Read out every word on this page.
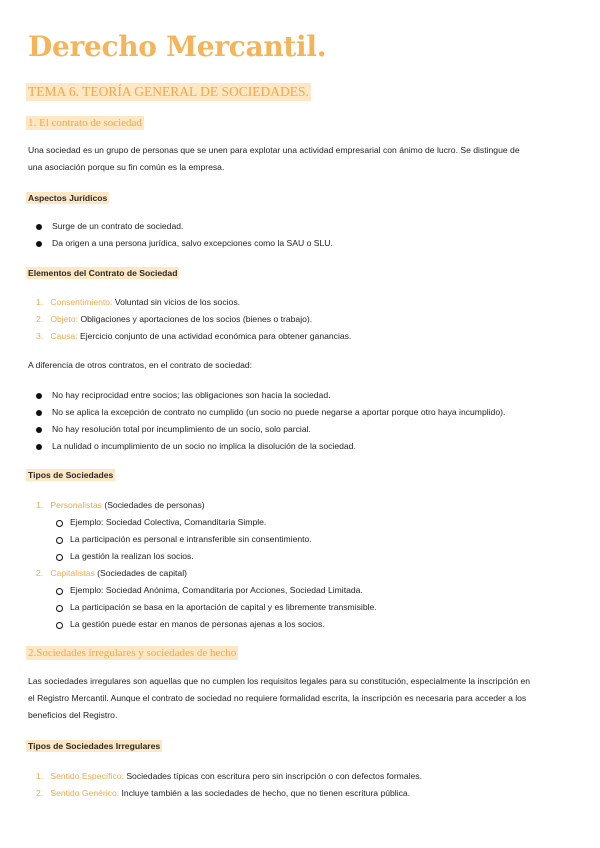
Derecho Mercantil.
TEMA 6. TEORÍA GENERAL DE SOCIEDADES.
1. El contrato de sociedad
Una sociedad es un grupo de personas que se unen para explotar una actividad empresarial con ánimo de lucro. Se distingue de
una asociación porque su fin común es la empresa.
Aspectos Jurídicos
Surge de un contrato de sociedad.
Da origen a una persona jurídica, salvo excepciones como la SAU o SLU.
Elementos del Contrato de Sociedad
1. Consentimiento: Voluntad sin vicios de los socios.
2. Objeto: Obligaciones y aportaciones de los socios (bienes o trabajo).
3. Causa: Ejercicio conjunto de una actividad económica para obtener ganancias.
A diferencia de otros contratos, en el contrato de sociedad:
No hay reciprocidad entre socios; las obligaciones son hacia la sociedad.
No se aplica la excepción de contrato no cumplido (un socio no puede negarse a aportar porque otro haya incumplido).
No hay resolución total por incumplimiento de un socio, solo parcial.
La nulidad o incumplimiento de un socio no implica la disolución de la sociedad.
Tipos de Sociedades
1. Personalistas (Sociedades de personas)
Ejemplo: Sociedad Colectiva, Comanditaria Simple.
La participación es personal e intransferible sin consentimiento.
La gestión la realizan los socios.
2. Capitalistas (Sociedades de capital)
Ejemplo: Sociedad Anónima, Comanditaria por Acciones, Sociedad Limitada.
La participación se basa en la aportación de capital y es libremente transmisible.
La gestión puede estar en manos de personas ajenas a los socios.
2.Sociedades irregulares y sociedades de hecho
Las sociedades irregulares son aquellas que no cumplen los requisitos legales para su constitución, especialmente la inscripción en
el Registro Mercantil. Aunque el contrato de sociedad no requiere formalidad escrita, la inscripción es necesaria para acceder a los
beneficios del Registro.
Tipos de Sociedades Irregulares
1. Sentido Específico: Sociedades típicas con escritura pero sin inscripción o con defectos formales.
2. Sentido Genérico: Incluye también a las sociedades de hecho, que no tienen escritura pública.
